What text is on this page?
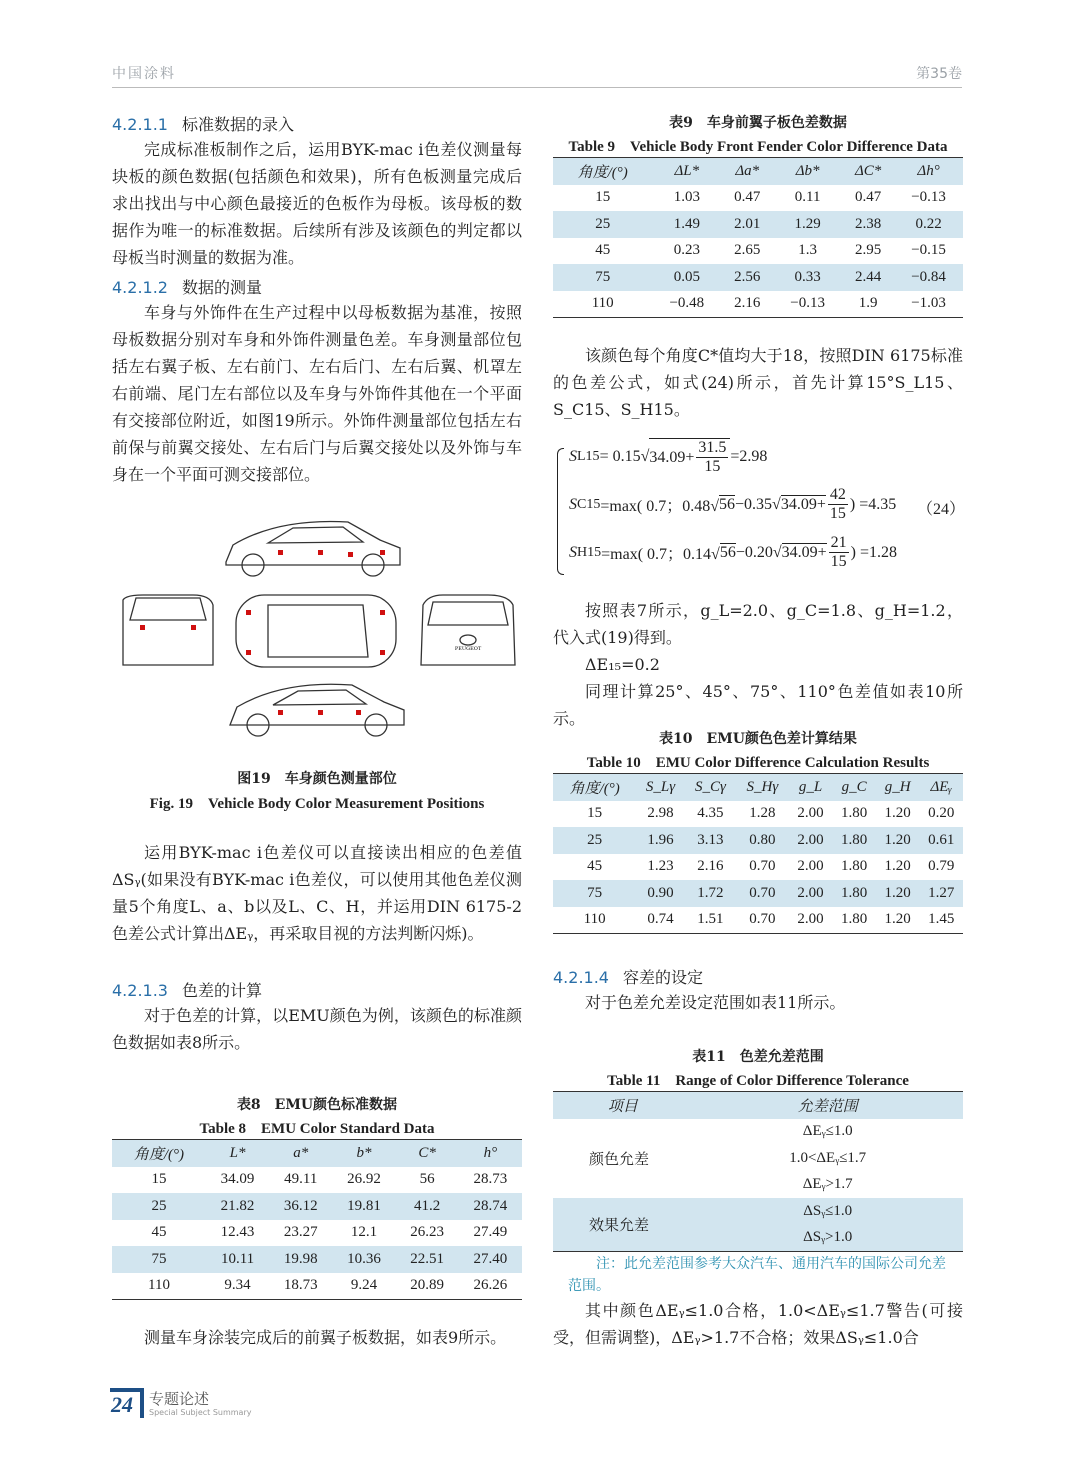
中国涂料	第35卷
4.2.1.1 标准数据的录入
完成标准板制作之后，运用BYK-mac i色差仪测量每块板的颜色数据(包括颜色和效果)，所有色板测量完成后求出找出与中心颜色最接近的色板作为母板。该母板的数据作为唯一的标准数据。后续所有涉及该颜色的判定都以母板当时测量的数据为准。
4.2.1.2 数据的测量
车身与外饰件在生产过程中以母板数据为基准，按照母板数据分别对车身和外饰件测量色差。车身测量部位包括左右翼子板、左右前门、左右后门、左右后翼、机罩左右前端、尾门左右部位以及车身与外饰件其他在一个平面有交接部位附近，如图19所示。外饰件测量部位包括左右前保与前翼交接处、左右后门与后翼交接处以及外饰与车身在一个平面可测交接部位。
PEUGEOT
图19　车身颜色测量部位
Fig. 19　Vehicle Body Color Measurement Positions
运用BYK-mac i色差仪可以直接读出相应的色差值ΔSᵧ(如果没有BYK-mac i色差仪，可以使用其他色差仪测量5个角度L、a、b以及L、C、H，并运用DIN 6175-2色差公式计算出ΔEᵧ，再采取目视的方法判断闪烁)。
4.2.1.3 色差的计算
对于色差的计算，以EMU颜色为例，该颜色的标准颜色数据如表8所示。
表8　EMU颜色标准数据
Table 8　EMU Color Standard Data
角度/(°)	L*	a*	b*	C*	h°
15	34.09	49.11	26.92	56	28.73
25	21.82	36.12	19.81	41.2	28.74
45	12.43	23.27	12.1	26.23	27.49
75	10.11	19.98	10.36	22.51	27.40
110	9.34	18.73	9.24	20.89	26.26
测量车身涂装完成后的前翼子板数据，如表9所示。
表9　车身前翼子板色差数据
Table 9　Vehicle Body Front Fender Color Difference Data
角度/(°)	ΔL*	Δa*	Δb*	ΔC*	Δh°
15	1.03	0.47	0.11	0.47	−0.13
25	1.49	2.01	1.29	2.38	0.22
45	0.23	2.65	1.3	2.95	−0.15
75	0.05	2.56	0.33	2.44	−0.84
110	−0.48	2.16	−0.13	1.9	−1.03
该颜色每个角度C*值均大于18，按照DIN 6175标准的色差公式，如式(24)所示，首先计算15°S_L15、S_C15、S_H15。
S L15 = 0.15√ $34.09+ \frac{31.5}{15} =2.98$
S C15 =max( 0.7；0.48√ 56 −0.35√ $34.09+ \frac{42}{15}$ ) =4.35
S H15 =max( 0.7；0.14√ 56 −0.20√ $34.09+ \frac{21}{15}$ ) =1.28
（24）
按照表7所示，g_L=2.0、g_C=1.8、g_H=1.2，代入式(19)得到。
ΔE₁₅=0.2
同理计算25°、45°、75°、110°色差值如表10所示。
表10　EMU颜色色差计算结果
Table 10　EMU Color Difference Calculation Results
角度/(°)	S_Lγ	S_Cγ	S_Hγ	g_L	g_C	g_H	ΔEᵧ
15	2.98	4.35	1.28	2.00	1.80	1.20	0.20
25	1.96	3.13	0.80	2.00	1.80	1.20	0.61
45	1.23	2.16	0.70	2.00	1.80	1.20	0.79
75	0.90	1.72	0.70	2.00	1.80	1.20	1.27
110	0.74	1.51	0.70	2.00	1.80	1.20	1.45
4.2.1.4 容差的设定
对于色差允差设定范围如表11所示。
表11　色差允差范围
Table 11　Range of Color Difference Tolerance
项目	允差范围
颜色允差	ΔEᵧ≤1.0
	1.0<ΔEᵧ≤1.7
	ΔEᵧ>1.7
效果允差	ΔSᵧ≤1.0
	ΔSᵧ>1.0
注：此允差范围参考大众汽车、通用汽车的国际公司允差范围。
其中颜色ΔEᵧ≤1.0合格，1.0<ΔEᵧ≤1.7警告(可接受，但需调整)，ΔEᵧ>1.7不合格；效果ΔSᵧ≤1.0合
24 专题论述
Special Subject Summary
